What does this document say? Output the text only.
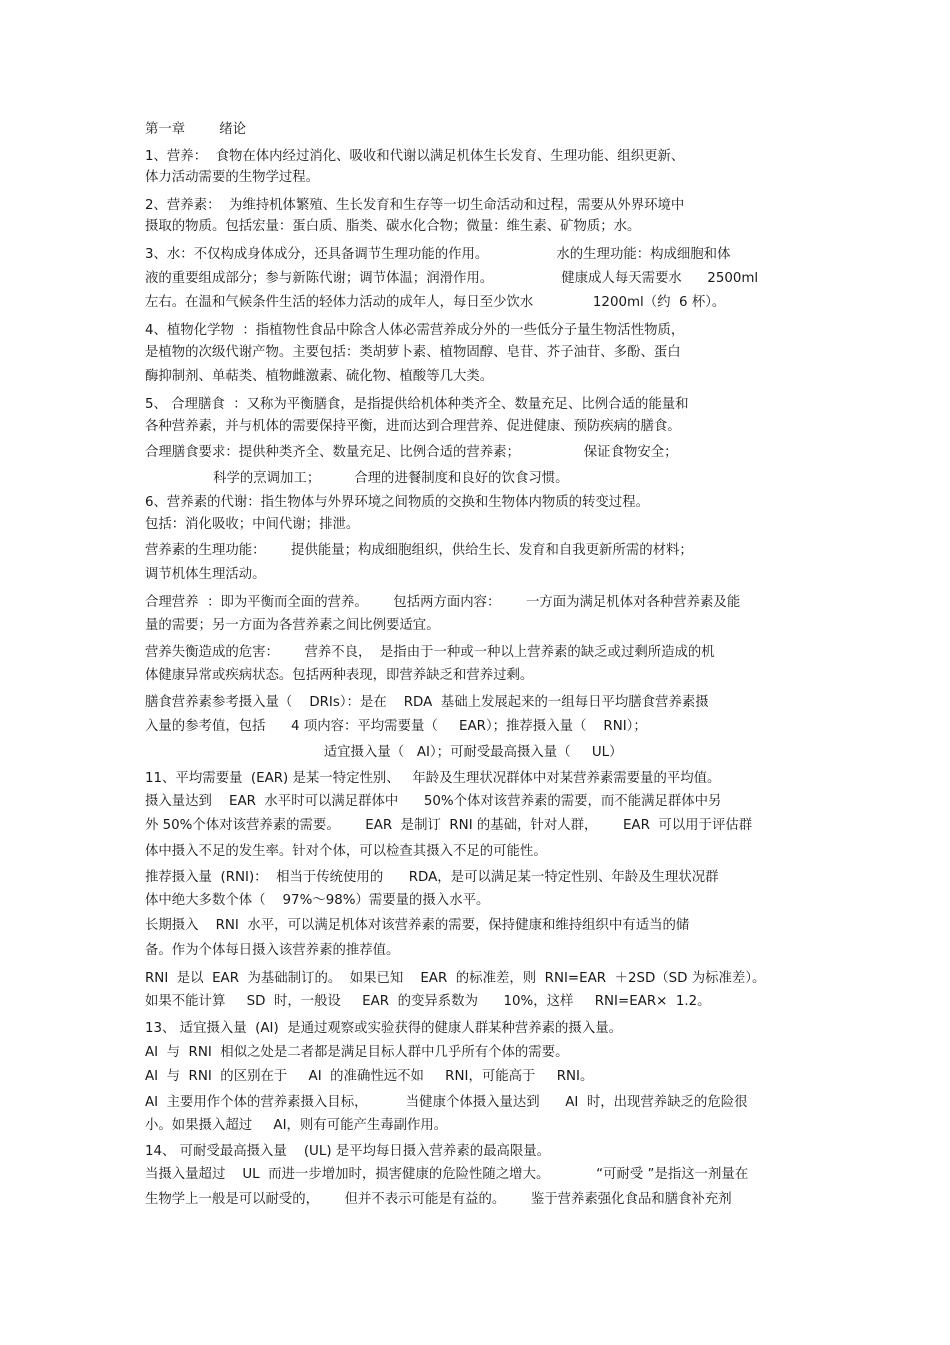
第一章        绪论
1、营养：  食物在体内经过消化、吸收和代谢以满足机体生长发育、生理功能、组织更新、
体力活动需要的生物学过程。
2、营养素：  为维持机体繁殖、生长发育和生存等一切生命活动和过程，需要从外界环境中
摄取的物质。包括宏量：蛋白质、脂类、碳水化合物；微量：维生素、矿物质；水。
3、水：不仅构成身体成分，还具备调节生理功能的作用。                水的生理功能：构成细胞和体
液的重要组成部分；参与新陈代谢；调节体温；润滑作用。                健康成人每天需要水      2500ml
左右。在温和气候条件生活的轻体力活动的成年人，每日至少饮水              1200ml（约  6 杯）。
4、植物化学物  ：指植物性食品中除含人体必需营养成分外的一些低分子量生物活性物质，
是植物的次级代谢产物。主要包括：类胡萝卜素、植物固醇、皂苷、芥子油苷、多酚、蛋白
酶抑制剂、单萜类、植物雌激素、硫化物、植酸等几大类。
5、 合理膳食  ：又称为平衡膳食，是指提供给机体种类齐全、数量充足、比例合适的能量和
各种营养素，并与机体的需要保持平衡，进而达到合理营养、促进健康、预防疾病的膳食。
合理膳食要求：提供种类齐全、数量充足、比例合适的营养素；               保证食物安全；
科学的烹调加工；        合理的进餐制度和良好的饮食习惯。
6、营养素的代谢：指生物体与外界环境之间物质的交换和生物体内物质的转变过程。
包括：消化吸收；中间代谢；排泄。
营养素的生理功能：      提供能量；构成细胞组织，供给生长、发育和自我更新所需的材料；
调节机体生理活动。
合理营养  ：即为平衡而全面的营养。      包括两方面内容：      一方面为满足机体对各种营养素及能
量的需要；另一方面为各营养素之间比例要适宜。
营养失衡造成的危害：      营养不良，  是指由于一种或一种以上营养素的缺乏或过剩所造成的机
体健康异常或疾病状态。包括两种表现，即营养缺乏和营养过剩。
膳食营养素参考摄入量（    DRIs）：是在    RDA  基础上发展起来的一组每日平均膳食营养素摄
入量的参考值，包括      4 项内容：平均需要量（     EAR）；推荐摄入量（    RNI）；
适宜摄入量（   AI）；可耐受最高摄入量（     UL）
11、平均需要量  (EAR) 是某一特定性别、   年龄及生理状况群体中对某营养素需要量的平均值。
摄入量达到    EAR  水平时可以满足群体中      50%个体对该营养素的需要，而不能满足群体中另
外 50%个体对该营养素的需要。      EAR  是制订  RNI 的基础，针对人群，      EAR  可以用于评估群
体中摄入不足的发生率。针对个体，可以检查其摄入不足的可能性。
推荐摄入量  (RNI)：  相当于传统使用的      RDA，是可以满足某一特定性别、年龄及生理状况群
体中绝大多数个体（    97%～98%）需要量的摄入水平。
长期摄入    RNI  水平，可以满足机体对该营养素的需要，保持健康和维持组织中有适当的储
备。作为个体每日摄入该营养素的推荐值。
RNI  是以  EAR  为基础制订的。  如果已知    EAR  的标准差，则  RNI=EAR  ＋2SD（SD 为标准差）。
如果不能计算     SD  时，一般设     EAR  的变异系数为      10%，这样     RNI=EAR×  1.2。
13、 适宜摄入量  (AI)  是通过观察或实验获得的健康人群某种营养素的摄入量。
AI  与  RNI  相似之处是二者都是满足目标人群中几乎所有个体的需要。
AI  与  RNI  的区别在于     AI  的准确性远不如     RNI，可能高于     RNI。
AI  主要用作个体的营养素摄入目标，         当健康个体摄入量达到      AI  时，出现营养缺乏的危险很
小。如果摄入超过     AI，则有可能产生毒副作用。
14、 可耐受最高摄入量    (UL) 是平均每日摄入营养素的最高限量。
当摄入量超过    UL  而进一步增加时，损害健康的危险性随之增大。           “可耐受 ”是指这一剂量在
生物学上一般是可以耐受的，      但并不表示可能是有益的。      鉴于营养素强化食品和膳食补充剂
